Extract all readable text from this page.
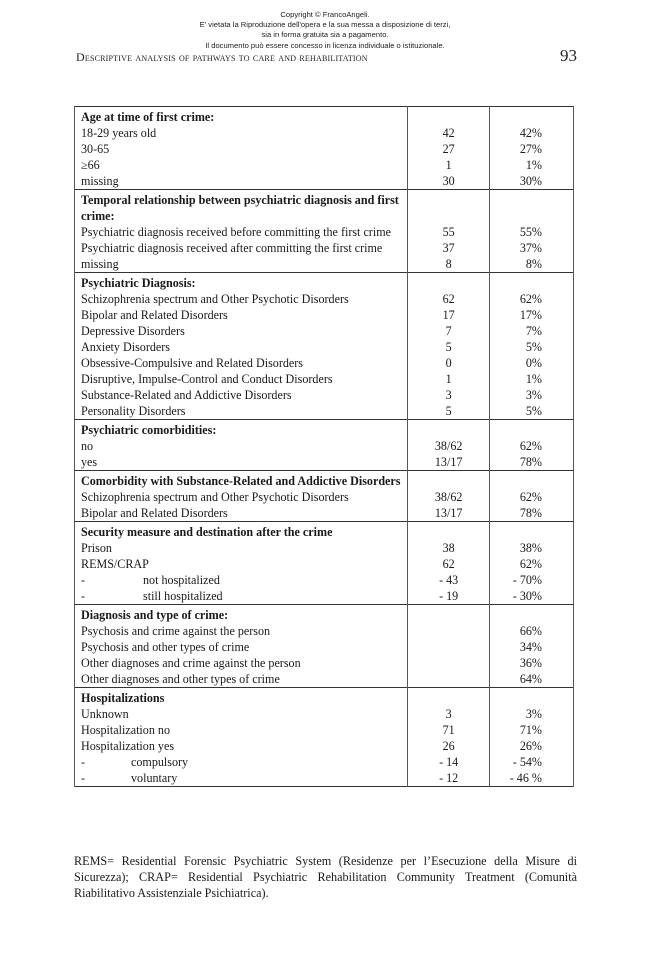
Copyright © FrancoAngeli.
E' vietata la Riproduzione dell'opera e la sua messa a disposizione di terzi,
sia in forma gratuita sia a pagamento.
Il documento può essere concesso in licenza individuale o istituzionale.
Descriptive analysis of pathways to care and rehabilitation	93
Age at time of first crime:		
18-29 years old	42	42%
30-65	27	27%
≥66	1	1%
missing	30	30%
Temporal relationship between psychiatric diagnosis and first crime:		
Psychiatric diagnosis received before committing the first crime	55	55%
Psychiatric diagnosis received after committing the first crime	37	37%
missing	8	8%
Psychiatric Diagnosis:		
Schizophrenia spectrum and Other Psychotic Disorders	62	62%
Bipolar and Related Disorders	17	17%
Depressive Disorders	7	7%
Anxiety Disorders	5	5%
Obsessive-Compulsive and Related Disorders	0	0%
Disruptive, Impulse-Control and Conduct Disorders	1	1%
Substance-Related and Addictive Disorders	3	3%
Personality Disorders	5	5%
Psychiatric comorbidities:		
no	38/62	62%
yes	13/17	78%
Comorbidity with Substance-Related and Addictive Disorders		
Schizophrenia spectrum and Other Psychotic Disorders	38/62	62%
Bipolar and Related Disorders	13/17	78%
Security measure and destination after the crime		
Prison	38	38%
REMS/CRAP	62	62%
- not hospitalized	- 43	- 70%
- still hospitalized	- 19	- 30%
Diagnosis and type of crime:		
Psychosis and crime against the person		66%
Psychosis and other types of crime		34%
Other diagnoses and crime against the person		36%
Other diagnoses and other types of crime		64%
Hospitalizations		
Unknown	3	3%
Hospitalization no	71	71%
Hospitalization yes	26	26%
- compulsory	- 14	- 54%
- voluntary	- 12	- 46 %
REMS= Residential Forensic Psychiatric System (Residenze per l’Esecuzione della Misure di Sicurezza); CRAP= Residential Psychiatric Rehabilitation Community Treatment (Comunità Riabilitativo Assistenziale Psichiatrica).
